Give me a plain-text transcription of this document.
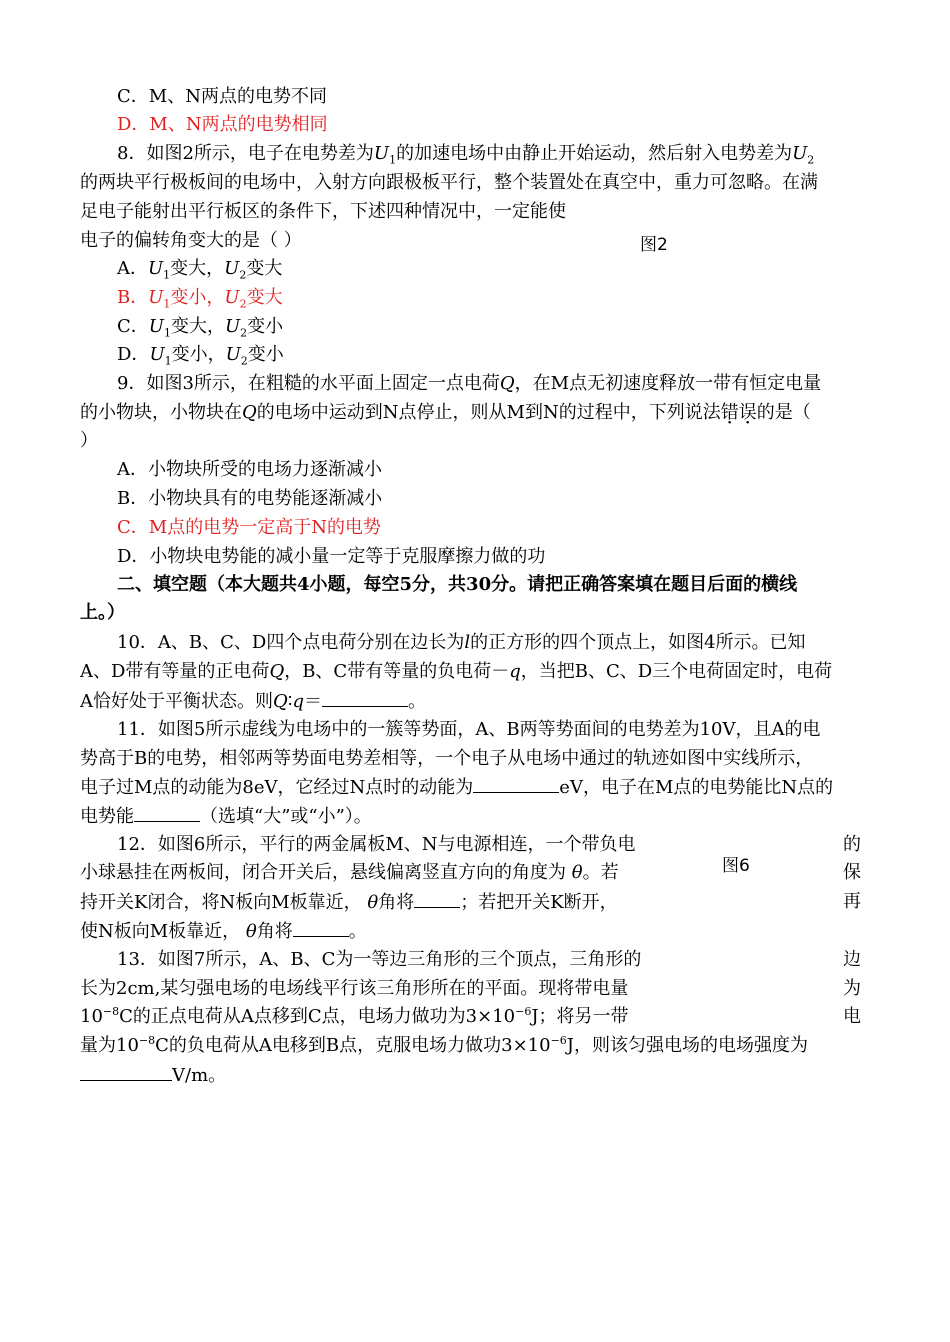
C．M、N两点的电势不同
D．M、N两点的电势相同
8．如图2所示，电子在电势差为$U_1$的加速电场中由静止开始运动，然后射入电势差为$U_2$
的两块平行极板间的电场中，入射方向跟极板平行，整个装置处在真空中，重力可忽略。在满
足电子能射出平行板区的条件下，下述四种情况中，一定能使
电子的偏转角变大的是（ ）	图2
A．$U_1$变大，$U_2$变大
B．$U_1$变小，$U_2$变大
C．$U_1$变大，$U_2$变小
D．$U_1$变小，$U_2$变小
9．如图3所示，在粗糙的水平面上固定一点电荷Q，在M点无初速度释放一带有恒定电量
的小物块，小物块在Q的电场中运动到N点停止，则从M到N的过程中，下列说法错误的是（
）
A．小物块所受的电场力逐渐减小
B．小物块具有的电势能逐渐减小
C．M点的电势一定高于N的电势
D．小物块电势能的减小量一定等于克服摩擦力做的功
二、填空题（本大题共4小题，每空5分，共30分。请把正确答案填在题目后面的横线
上。）
10．A、B、C、D四个点电荷分别在边长为l的正方形的四个顶点上，如图4所示。已知
A、D带有等量的正电荷Q，B、C带有等量的负电荷－q，当把B、C、D三个电荷固定时，电荷
A恰好处于平衡状态。则Q∶q＝	。
11．如图5所示虚线为电场中的一簇等势面，A、B两等势面间的电势差为10V，且A的电
势高于B的电势，相邻两等势面电势差相等，一个电子从电场中通过的轨迹如图中实线所示，
电子过M点的动能为8eV，它经过N点时的动能为	eV，电子在M点的电势能比N点的
电势能	（选填“大”或“小”）。
12．如图6所示，平行的两金属板M、N与电源相连，一个带负电	的
小球悬挂在两板间，闭合开关后，悬线偏离竖直方向的角度为 θ。若	图6	保
持开关K闭合，将N板向M板靠近， θ角将	；若把开关K断开，	再
使N板向M板靠近， θ角将	。
13．如图7所示，A、B、C为一等边三角形的三个顶点，三角形的	边
长为2cm,某匀强电场的电场线平行该三角形所在的平面。现将带电量	为
$10^{-8}C$的正点电荷从A点移到C点，电场力做功为$3\times 10^{-6}J$；将另一带	电
量为$10^{-8}C$的负电荷从A电移到B点，克服电场力做功$3\times 10^{-6}J$，则该匀强电场的电场强度为
V/m。
